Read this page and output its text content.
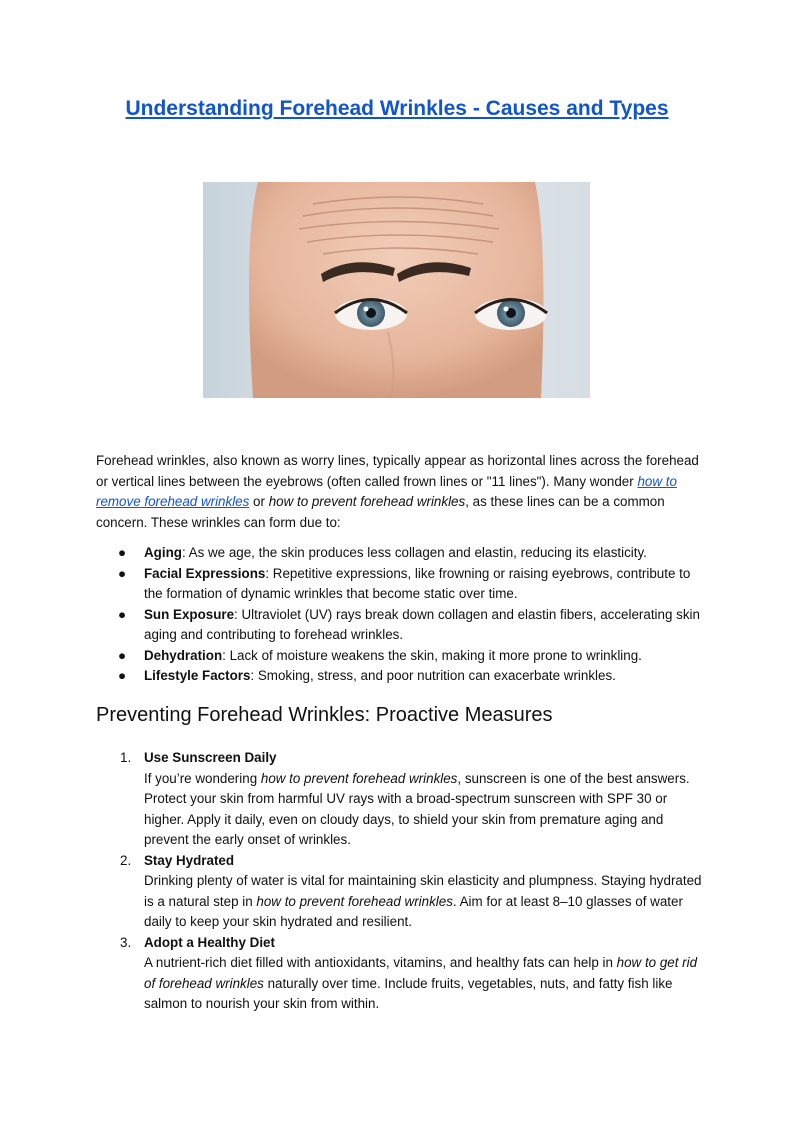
Understanding Forehead Wrinkles - Causes and Types

Forehead wrinkles, also known as worry lines, typically appear as horizontal lines across the forehead or vertical lines between the eyebrows (often called frown lines or "11 lines"). Many wonder how to remove forehead wrinkles or how to prevent forehead wrinkles, as these lines can be a common concern. These wrinkles can form due to:

● Aging: As we age, the skin produces less collagen and elastin, reducing its elasticity.
● Facial Expressions: Repetitive expressions, like frowning or raising eyebrows, contribute to the formation of dynamic wrinkles that become static over time.
● Sun Exposure: Ultraviolet (UV) rays break down collagen and elastin fibers, accelerating skin aging and contributing to forehead wrinkles.
● Dehydration: Lack of moisture weakens the skin, making it more prone to wrinkling.
● Lifestyle Factors: Smoking, stress, and poor nutrition can exacerbate wrinkles.
Preventing Forehead Wrinkles: Proactive Measures
1. Use Sunscreen Daily
If you’re wondering how to prevent forehead wrinkles, sunscreen is one of the best answers. Protect your skin from harmful UV rays with a broad-spectrum sunscreen with SPF 30 or higher. Apply it daily, even on cloudy days, to shield your skin from premature aging and prevent the early onset of wrinkles.
2. Stay Hydrated
Drinking plenty of water is vital for maintaining skin elasticity and plumpness. Staying hydrated is a natural step in how to prevent forehead wrinkles. Aim for at least 8–10 glasses of water daily to keep your skin hydrated and resilient.
3. Adopt a Healthy Diet
A nutrient-rich diet filled with antioxidants, vitamins, and healthy fats can help in how to get rid of forehead wrinkles naturally over time. Include fruits, vegetables, nuts, and fatty fish like salmon to nourish your skin from within.
